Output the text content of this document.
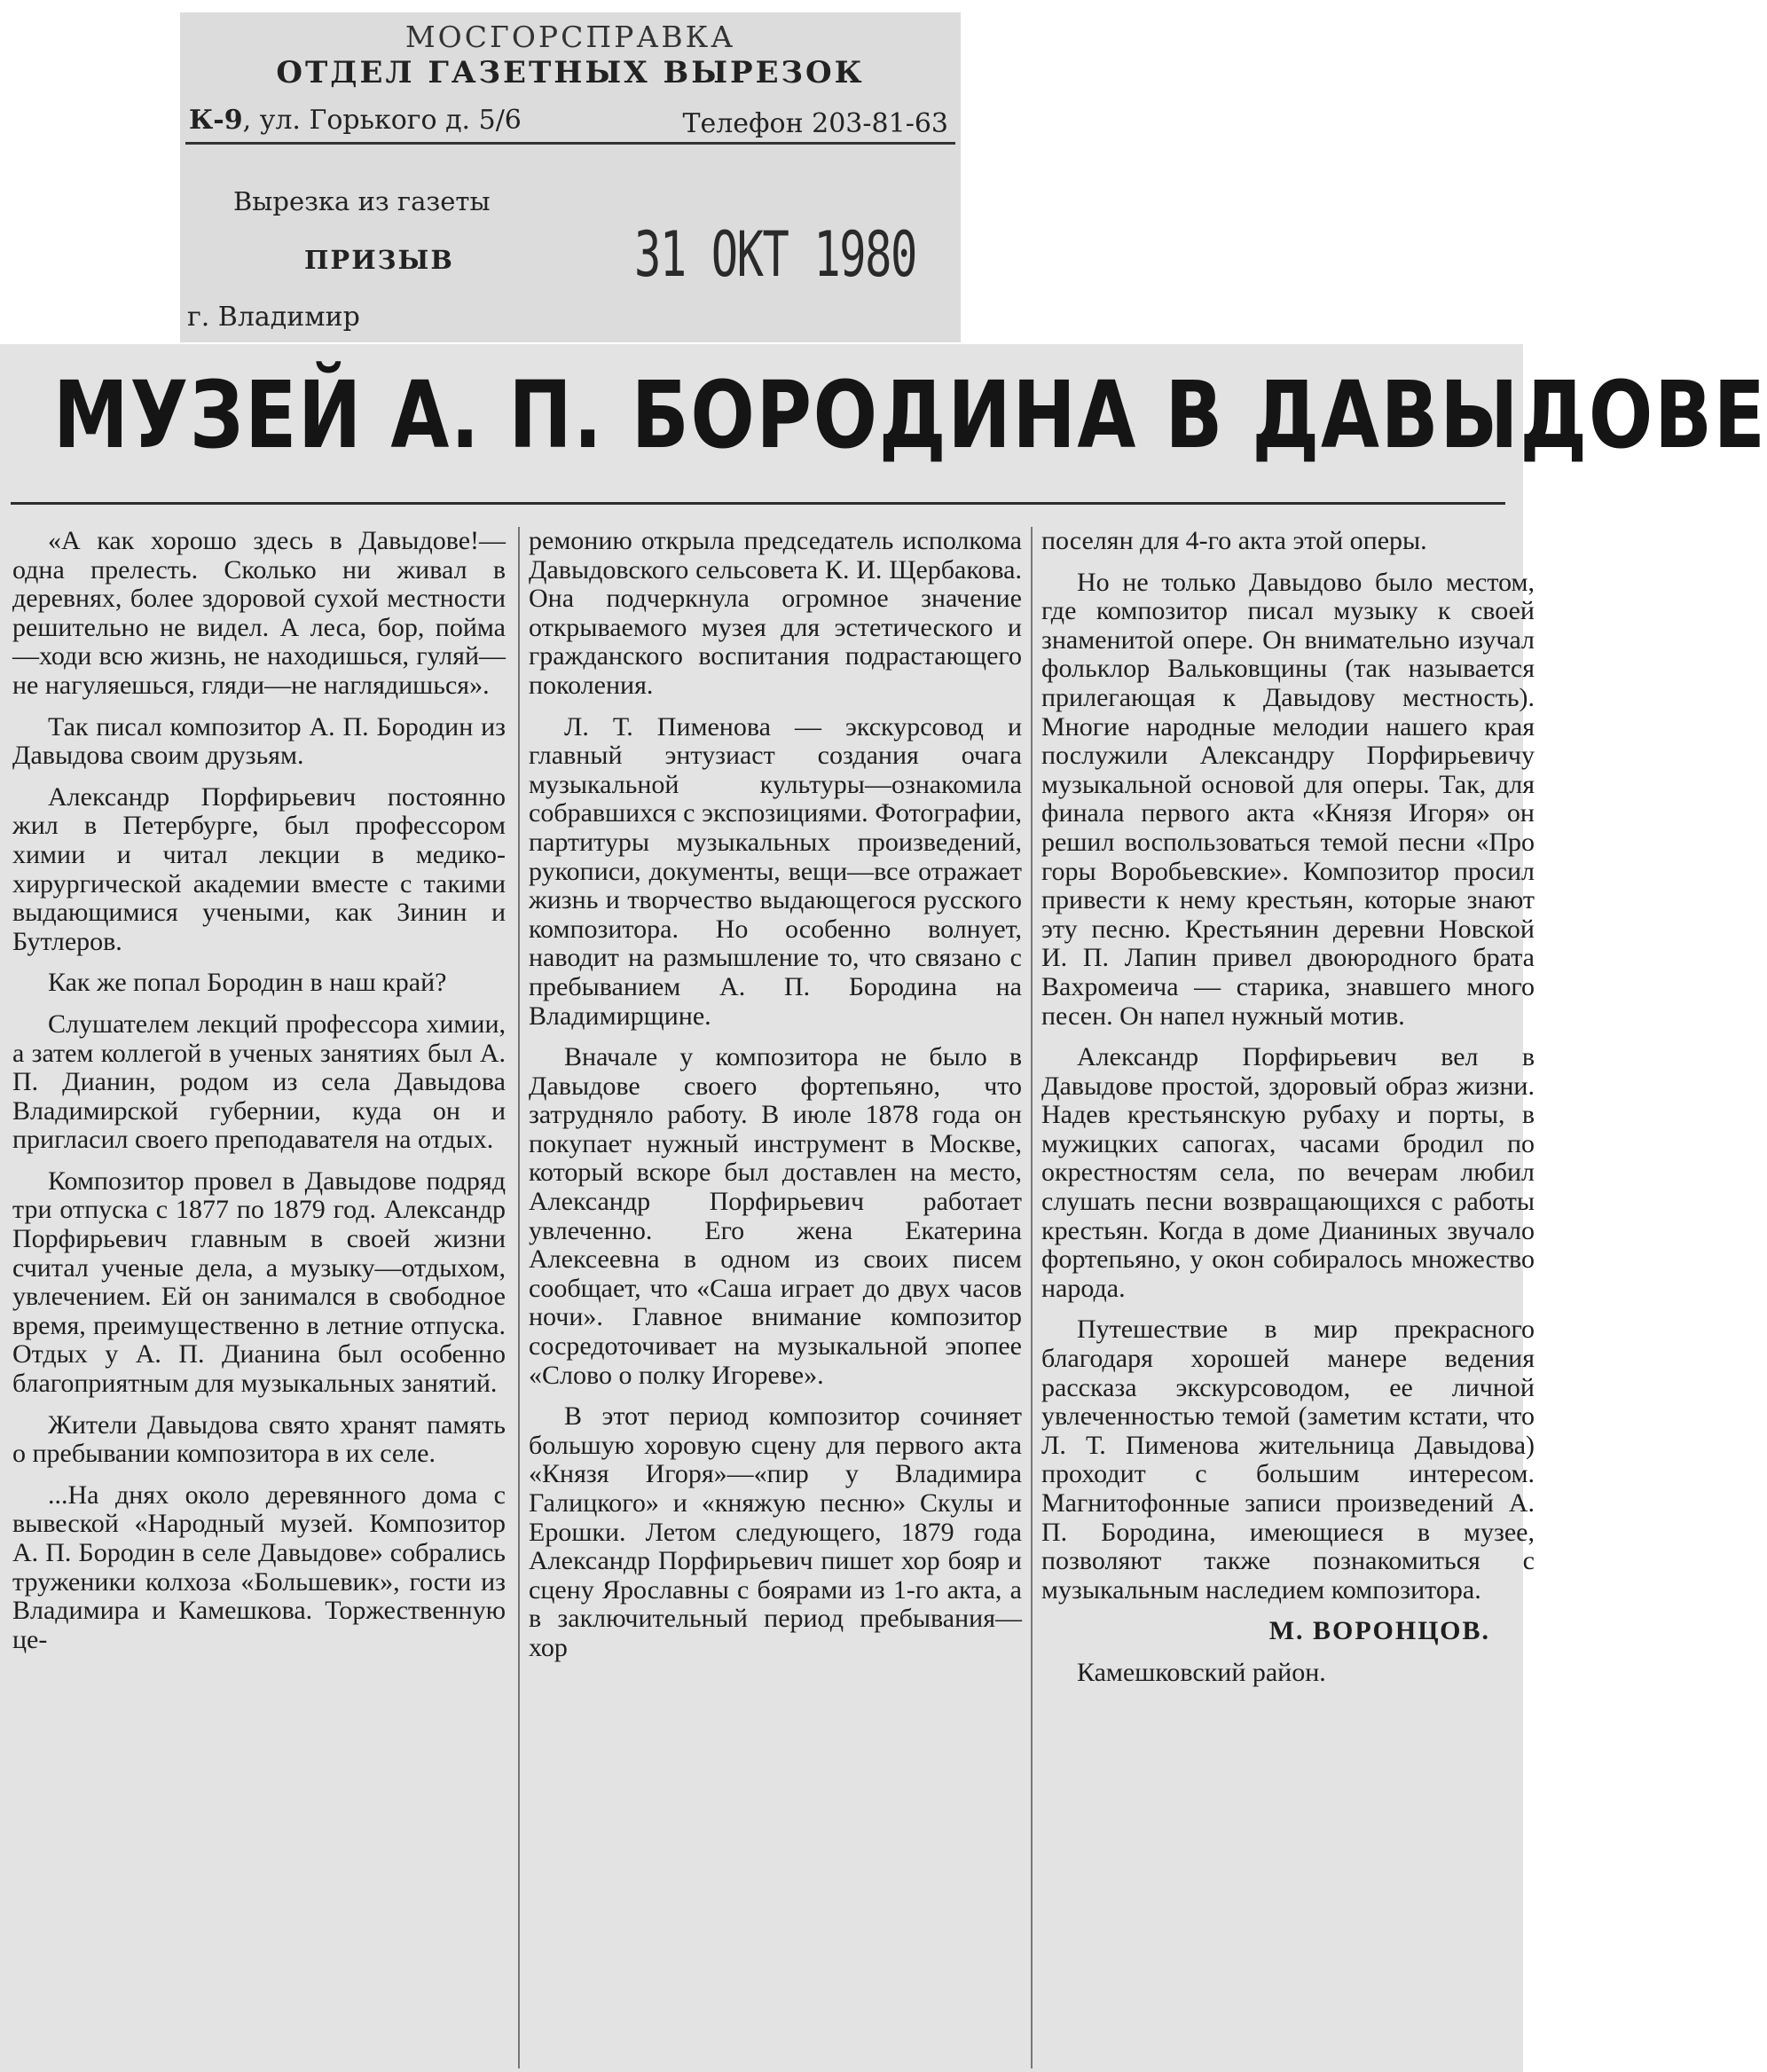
МОСГОРСПРАВКА
ОТДЕЛ ГАЗЕТНЫХ ВЫРЕЗОК
К-9, ул. Горького д. 5/6	Телефон 203-81-63
Вырезка из газеты
ПРИЗЫВ	31 ОКТ 1980
г. Владимир
МУЗЕЙ А. П. БОРОДИНА В ДАВЫДОВЕ

«А как хорошо здесь в Давыдове!—одна прелесть. Сколько ни живал в деревнях, более здоровой сухой местности решительно не видел. А леса, бор, пойма—ходи всю жизнь, не находишься, гуляй—не нагуляешься, гляди—не наглядишься».

Так писал композитор А. П. Бородин из Давыдова своим друзьям.

Александр Порфирьевич постоянно жил в Петербурге, был профессором химии и читал лекции в медико-хирургической академии вместе с такими выдающимися учеными, как Зинин и Бутлеров.

Как же попал Бородин в наш край?

Слушателем лекций профессора химии, а затем коллегой в ученых занятиях был А. П. Дианин, родом из села Давыдова Владимирской губернии, куда он и пригласил своего преподавателя на отдых.

Композитор провел в Давыдове подряд три отпуска с 1877 по 1879 год. Александр Порфирьевич главным в своей жизни считал ученые дела, а музыку—отдыхом, увлечением. Ей он занимался в свободное время, преимущественно в летние отпуска. Отдых у А. П. Дианина был особенно благоприятным для музыкальных занятий.

Жители Давыдова свято хранят память о пребывании композитора в их селе.

...На днях около деревянного дома с вывеской «Народный музей. Композитор А. П. Бородин в селе Давыдове» собрались труженики колхоза «Большевик», гости из Владимира и Камешкова. Торжественную це-

ремонию открыла председатель исполкома Давыдовского сельсовета К. И. Щербакова. Она подчеркнула огромное значение открываемого музея для эстетического и гражданского воспитания подрастающего поколения.

Л. Т. Пименова — экскурсовод и главный энтузиаст создания очага музыкальной культуры—ознакомила собравшихся с экспозициями. Фотографии, партитуры музыкальных произведений, рукописи, документы, вещи—все отражает жизнь и творчество выдающегося русского композитора. Но особенно волнует, наводит на размышление то, что связано с пребыванием А. П. Бородина на Владимирщине.

Вначале у композитора не было в Давыдове своего фортепьяно, что затрудняло работу. В июле 1878 года он покупает нужный инструмент в Москве, который вскоре был доставлен на место, Александр Порфирьевич работает увлеченно. Его жена Екатерина Алексеевна в одном из своих писем сообщает, что «Саша играет до двух часов ночи». Главное внимание композитор сосредоточивает на музыкальной эпопее «Слово о полку Игореве».

В этот период композитор сочиняет большую хоровую сцену для первого акта «Князя Игоря»—«пир у Владимира Галицкого» и «княжую песню» Скулы и Ерошки. Летом следующего, 1879 года Александр Порфирьевич пишет хор бояр и сцену Ярославны с боярами из 1-го акта, а в заключительный период пребывания—хор

поселян для 4-го акта этой оперы.

Но не только Давыдово было местом, где композитор писал музыку к своей знаменитой опере. Он внимательно изучал фольклор Вальковщины (так называется прилегающая к Давыдову местность). Многие народные мелодии нашего края послужили Александру Порфирьевичу музыкальной основой для оперы. Так, для финала первого акта «Князя Игоря» он решил воспользоваться темой песни «Про горы Воробьевские». Композитор просил привести к нему крестьян, которые знают эту песню. Крестьянин деревни Новской И. П. Лапин привел двоюродного брата Вахромеича — старика, знавшего много песен. Он напел нужный мотив.

Александр Порфирьевич вел в Давыдове простой, здоровый образ жизни. Надев крестьянскую рубаху и порты, в мужицких сапогах, часами бродил по окрестностям села, по вечерам любил слушать песни возвращающихся с работы крестьян. Когда в доме Дианиных звучало фортепьяно, у окон собиралось множество народа.

Путешествие в мир прекрасного благодаря хорошей манере ведения рассказа экскурсоводом, ее личной увлеченностью темой (заметим кстати, что Л. Т. Пименова жительница Давыдова) проходит с большим интересом. Магнитофонные записи произведений А. П. Бородина, имеющиеся в музее, позволяют также познакомиться с музыкальным наследием композитора.

М. ВОРОНЦОВ.

Камешковский район.
